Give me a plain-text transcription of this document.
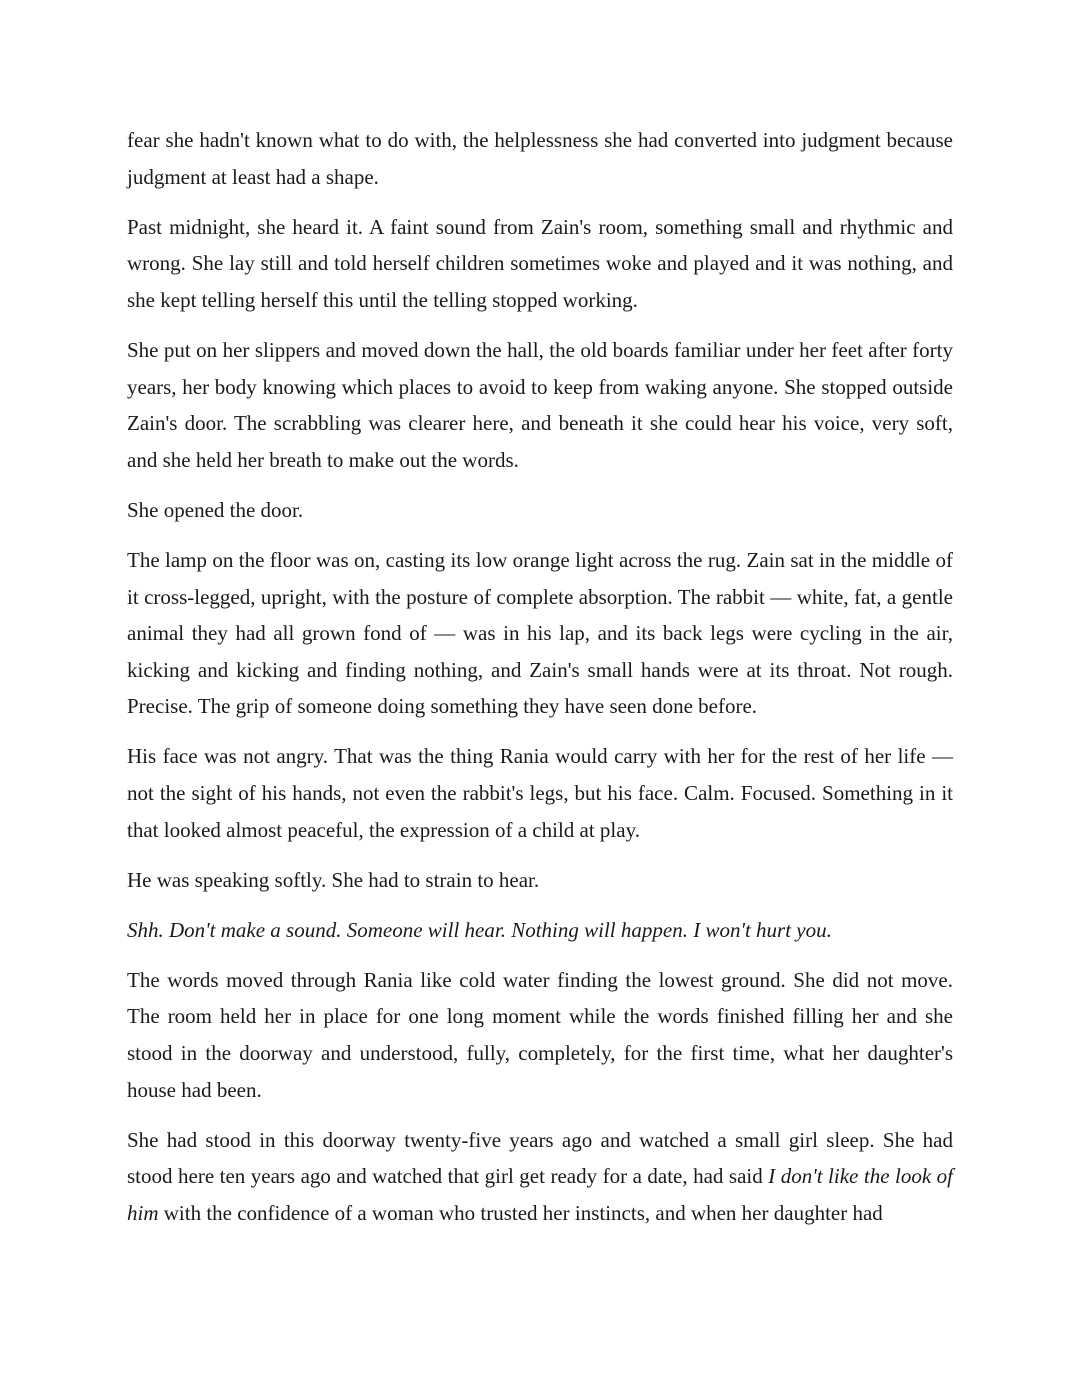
fear she hadn't known what to do with, the helplessness she had converted into judgment because judgment at least had a shape.

Past midnight, she heard it. A faint sound from Zain's room, something small and rhythmic and wrong. She lay still and told herself children sometimes woke and played and it was nothing, and she kept telling herself this until the telling stopped working.

She put on her slippers and moved down the hall, the old boards familiar under her feet after forty years, her body knowing which places to avoid to keep from waking anyone. She stopped outside Zain's door. The scrabbling was clearer here, and beneath it she could hear his voice, very soft, and she held her breath to make out the words.

She opened the door.

The lamp on the floor was on, casting its low orange light across the rug. Zain sat in the middle of it cross-legged, upright, with the posture of complete absorption. The rabbit — white, fat, a gentle animal they had all grown fond of — was in his lap, and its back legs were cycling in the air, kicking and kicking and finding nothing, and Zain's small hands were at its throat. Not rough. Precise. The grip of someone doing something they have seen done before.

His face was not angry. That was the thing Rania would carry with her for the rest of her life — not the sight of his hands, not even the rabbit's legs, but his face. Calm. Focused. Something in it that looked almost peaceful, the expression of a child at play.

He was speaking softly. She had to strain to hear.

Shh. Don't make a sound. Someone will hear. Nothing will happen. I won't hurt you.

The words moved through Rania like cold water finding the lowest ground. She did not move. The room held her in place for one long moment while the words finished filling her and she stood in the doorway and understood, fully, completely, for the first time, what her daughter's house had been.

She had stood in this doorway twenty-five years ago and watched a small girl sleep. She had stood here ten years ago and watched that girl get ready for a date, had said I don't like the look of him with the confidence of a woman who trusted her instincts, and when her daughter had
